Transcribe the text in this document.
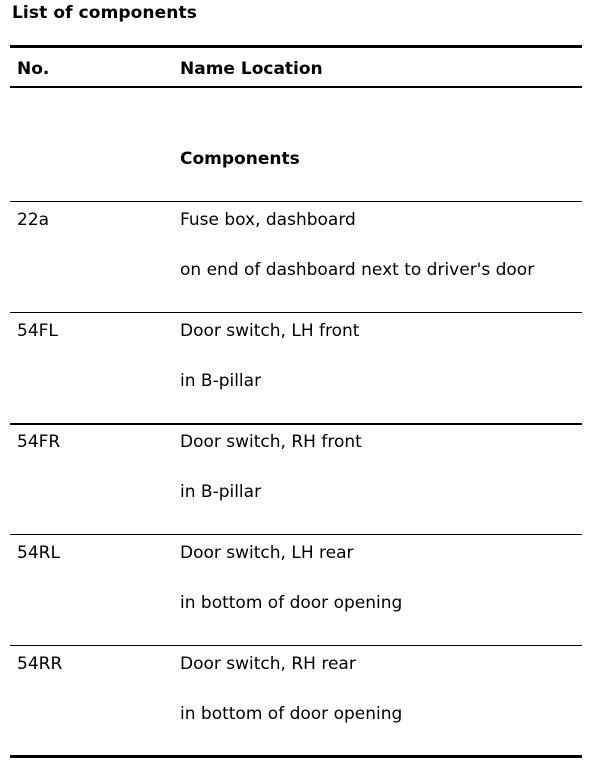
List of components
No.	Name Location
Components
22a	Fuse box, dashboard
on end of dashboard next to driver's door
54FL	Door switch, LH front
in B-pillar
54FR	Door switch, RH front
in B-pillar
54RL	Door switch, LH rear
in bottom of door opening
54RR	Door switch, RH rear
in bottom of door opening
